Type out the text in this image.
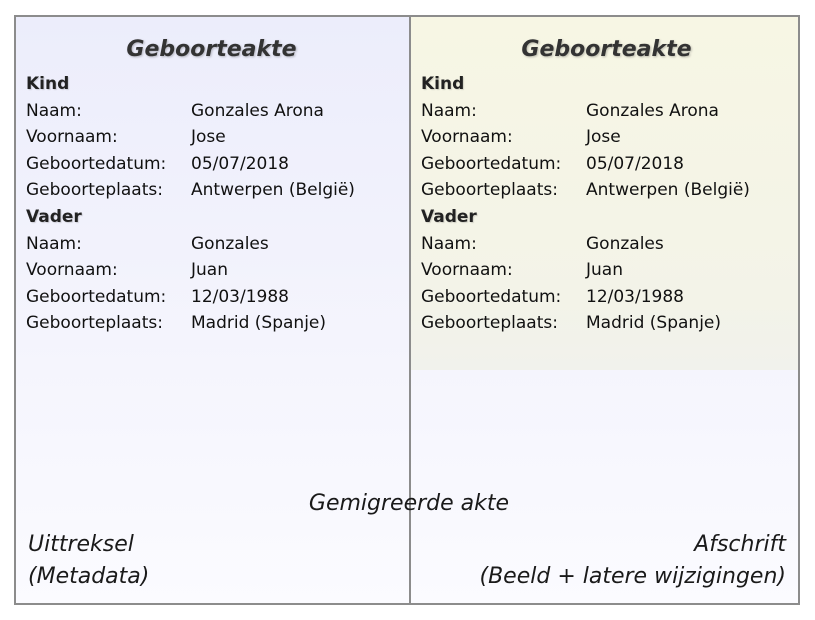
Geboorteakte
Kind
Naam:	Gonzales Arona
Voornaam:	Jose
Geboortedatum:	05/07/2018
Geboorteplaats:	Antwerpen (België)
Vader
Naam:	Gonzales
Voornaam:	Juan
Geboortedatum:	12/03/1988
Geboorteplaats:	Madrid (Spanje)
Geboorteakte
Kind
Naam:	Gonzales Arona
Voornaam:	Jose
Geboortedatum:	05/07/2018
Geboorteplaats:	Antwerpen (België)
Vader
Naam:	Gonzales
Voornaam:	Juan
Geboortedatum:	12/03/1988
Geboorteplaats:	Madrid (Spanje)
Gemigreerde akte
Uittreksel
(Metadata)
Afschrift
(Beeld + latere wijzigingen)
